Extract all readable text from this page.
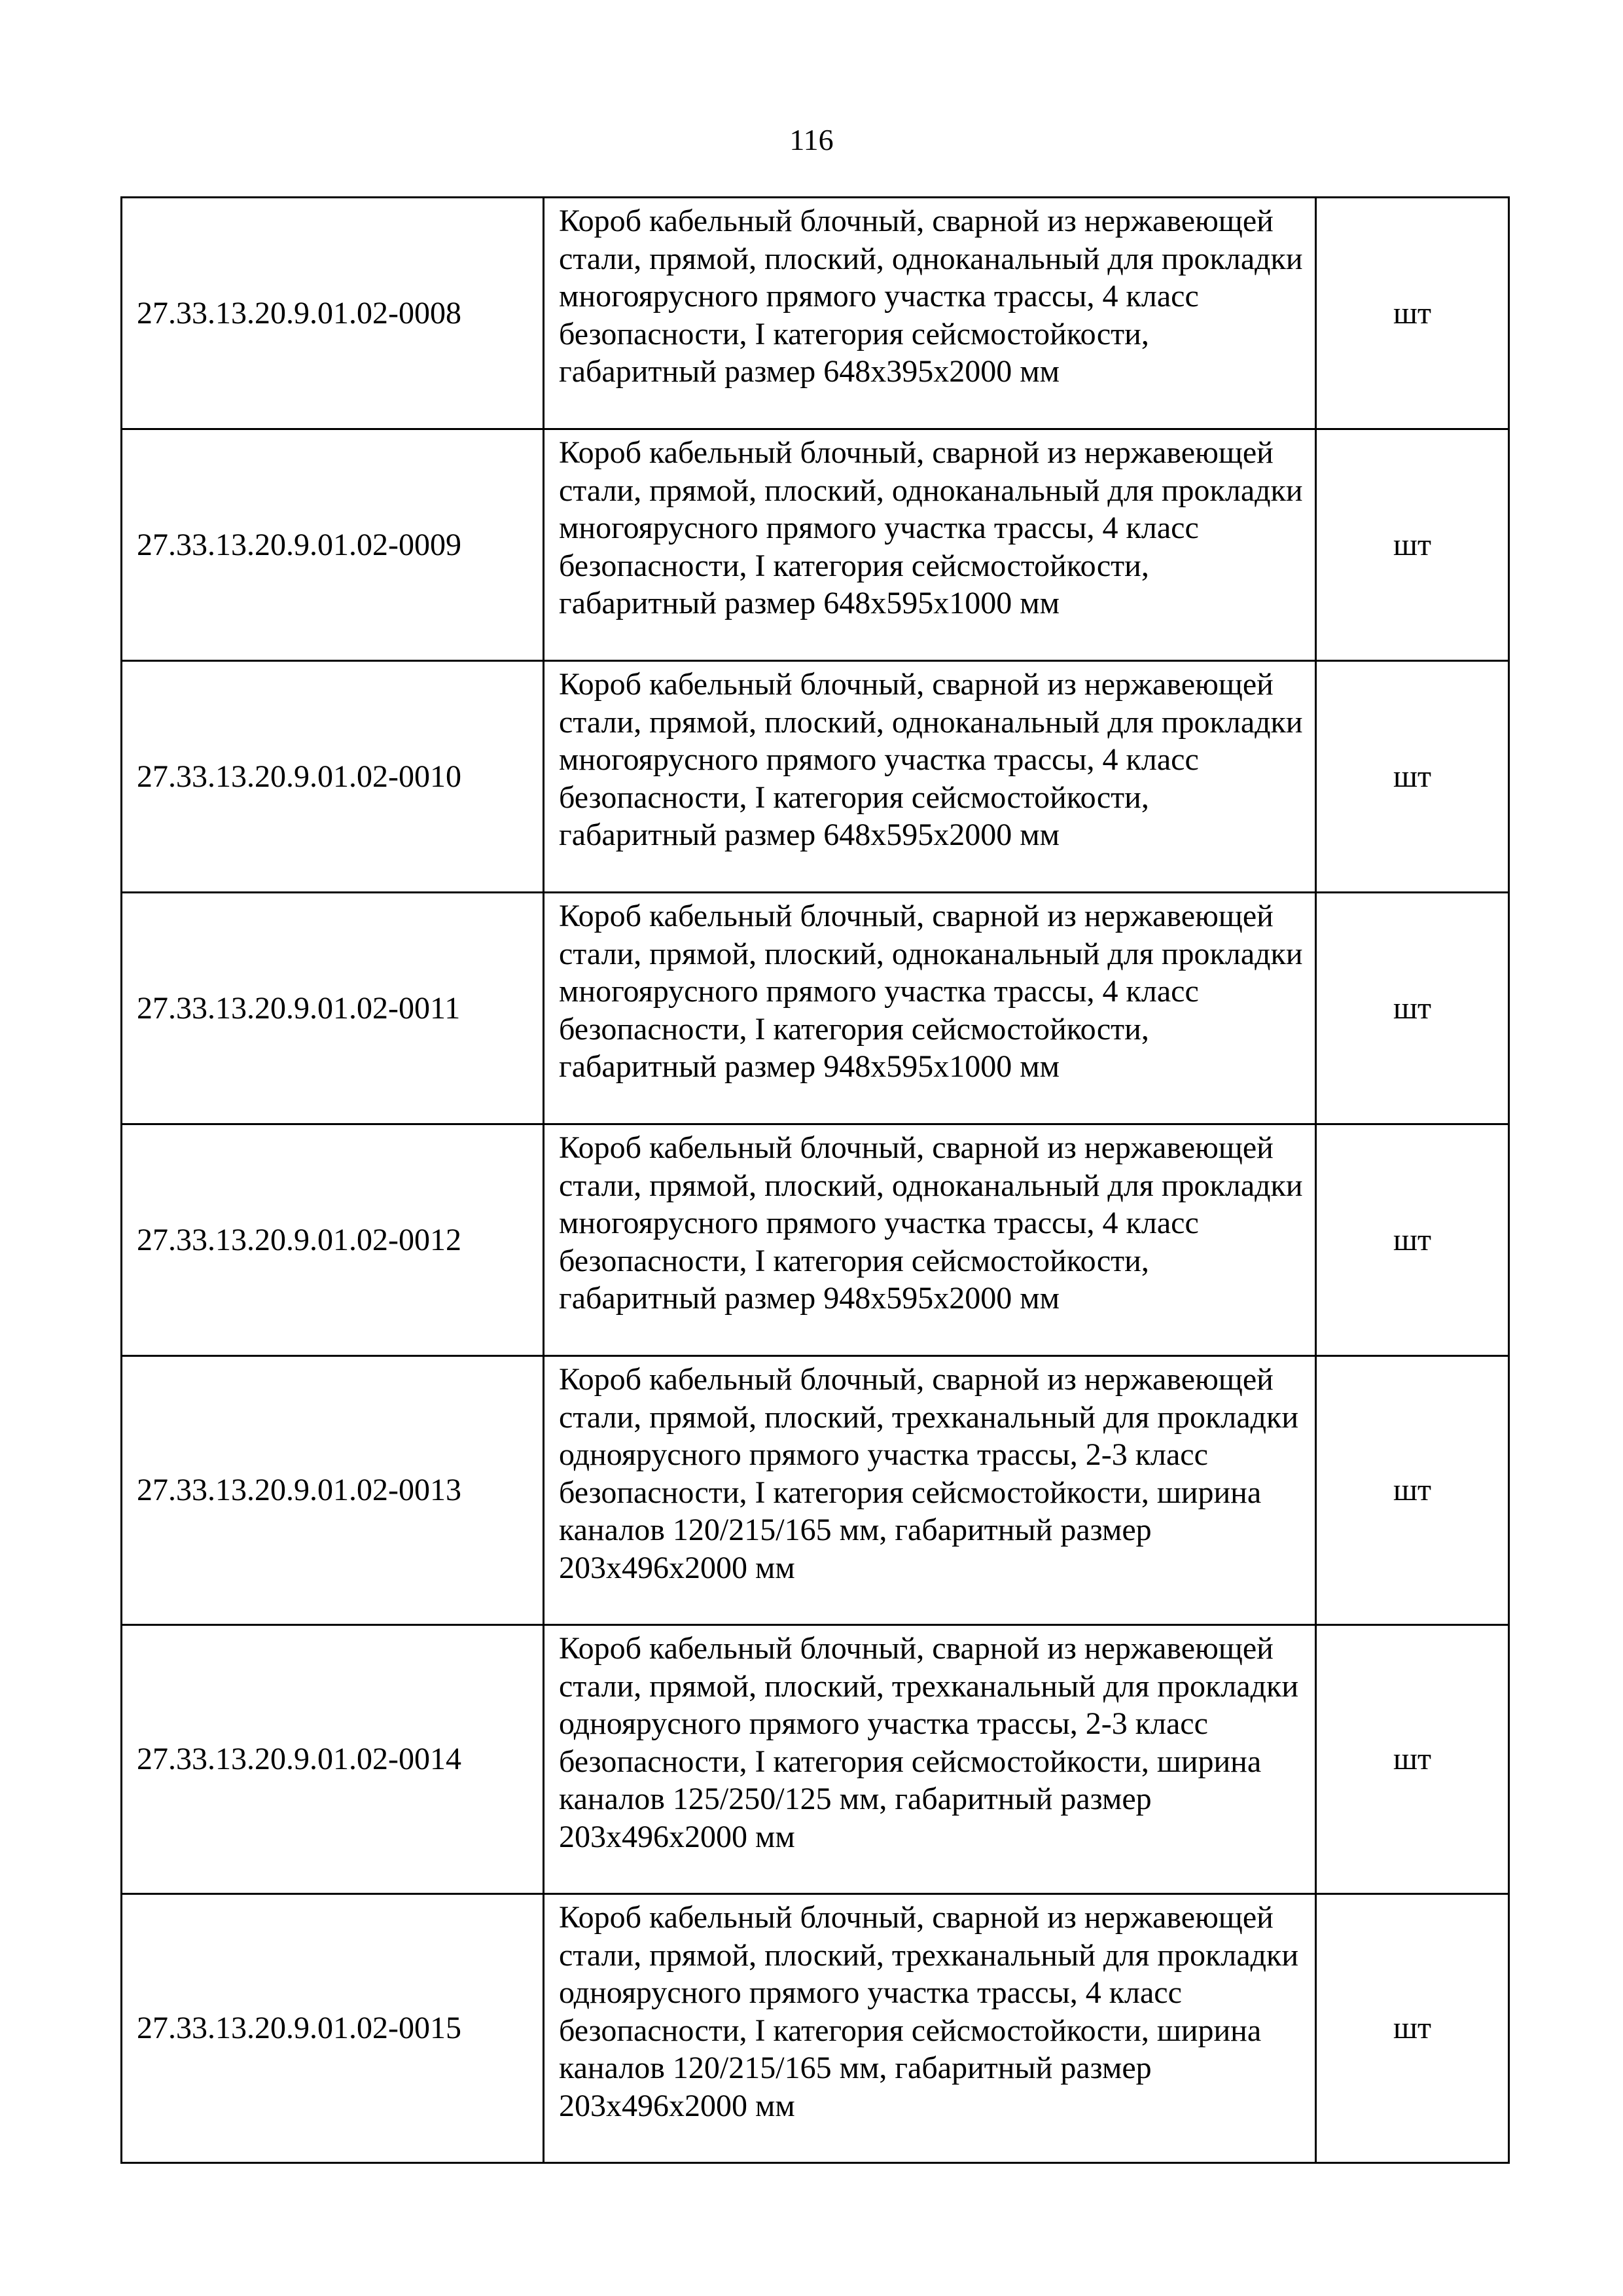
116
27.33.13.20.9.01.02-0008	Короб кабельный блочный, сварной из нержавеющей стали, прямой, плоский, одноканальный для прокладки многоярусного прямого участка трассы, 4 класс безопасности, I категория сейсмостойкости, габаритный размер 648х395х2000 мм	шт
27.33.13.20.9.01.02-0009	Короб кабельный блочный, сварной из нержавеющей стали, прямой, плоский, одноканальный для прокладки многоярусного прямого участка трассы, 4 класс безопасности, I категория сейсмостойкости, габаритный размер 648х595х1000 мм	шт
27.33.13.20.9.01.02-0010	Короб кабельный блочный, сварной из нержавеющей стали, прямой, плоский, одноканальный для прокладки многоярусного прямого участка трассы, 4 класс безопасности, I категория сейсмостойкости, габаритный размер 648х595х2000 мм	шт
27.33.13.20.9.01.02-0011	Короб кабельный блочный, сварной из нержавеющей стали, прямой, плоский, одноканальный для прокладки многоярусного прямого участка трассы, 4 класс безопасности, I категория сейсмостойкости, габаритный размер 948х595х1000 мм	шт
27.33.13.20.9.01.02-0012	Короб кабельный блочный, сварной из нержавеющей стали, прямой, плоский, одноканальный для прокладки многоярусного прямого участка трассы, 4 класс безопасности, I категория сейсмостойкости, габаритный размер 948х595х2000 мм	шт
27.33.13.20.9.01.02-0013	Короб кабельный блочный, сварной из нержавеющей стали, прямой, плоский, трехканальный для прокладки одноярусного прямого участка трассы, 2-3 класс безопасности, I категория сейсмостойкости, ширина каналов 120/215/165 мм, габаритный размер 203х496х2000 мм	шт
27.33.13.20.9.01.02-0014	Короб кабельный блочный, сварной из нержавеющей стали, прямой, плоский, трехканальный для прокладки одноярусного прямого участка трассы, 2-3 класс безопасности, I категория сейсмостойкости, ширина каналов 125/250/125 мм, габаритный размер 203х496х2000 мм	шт
27.33.13.20.9.01.02-0015	Короб кабельный блочный, сварной из нержавеющей стали, прямой, плоский, трехканальный для прокладки одноярусного прямого участка трассы, 4 класс безопасности, I категория сейсмостойкости, ширина каналов 120/215/165 мм, габаритный размер 203х496х2000 мм	шт
